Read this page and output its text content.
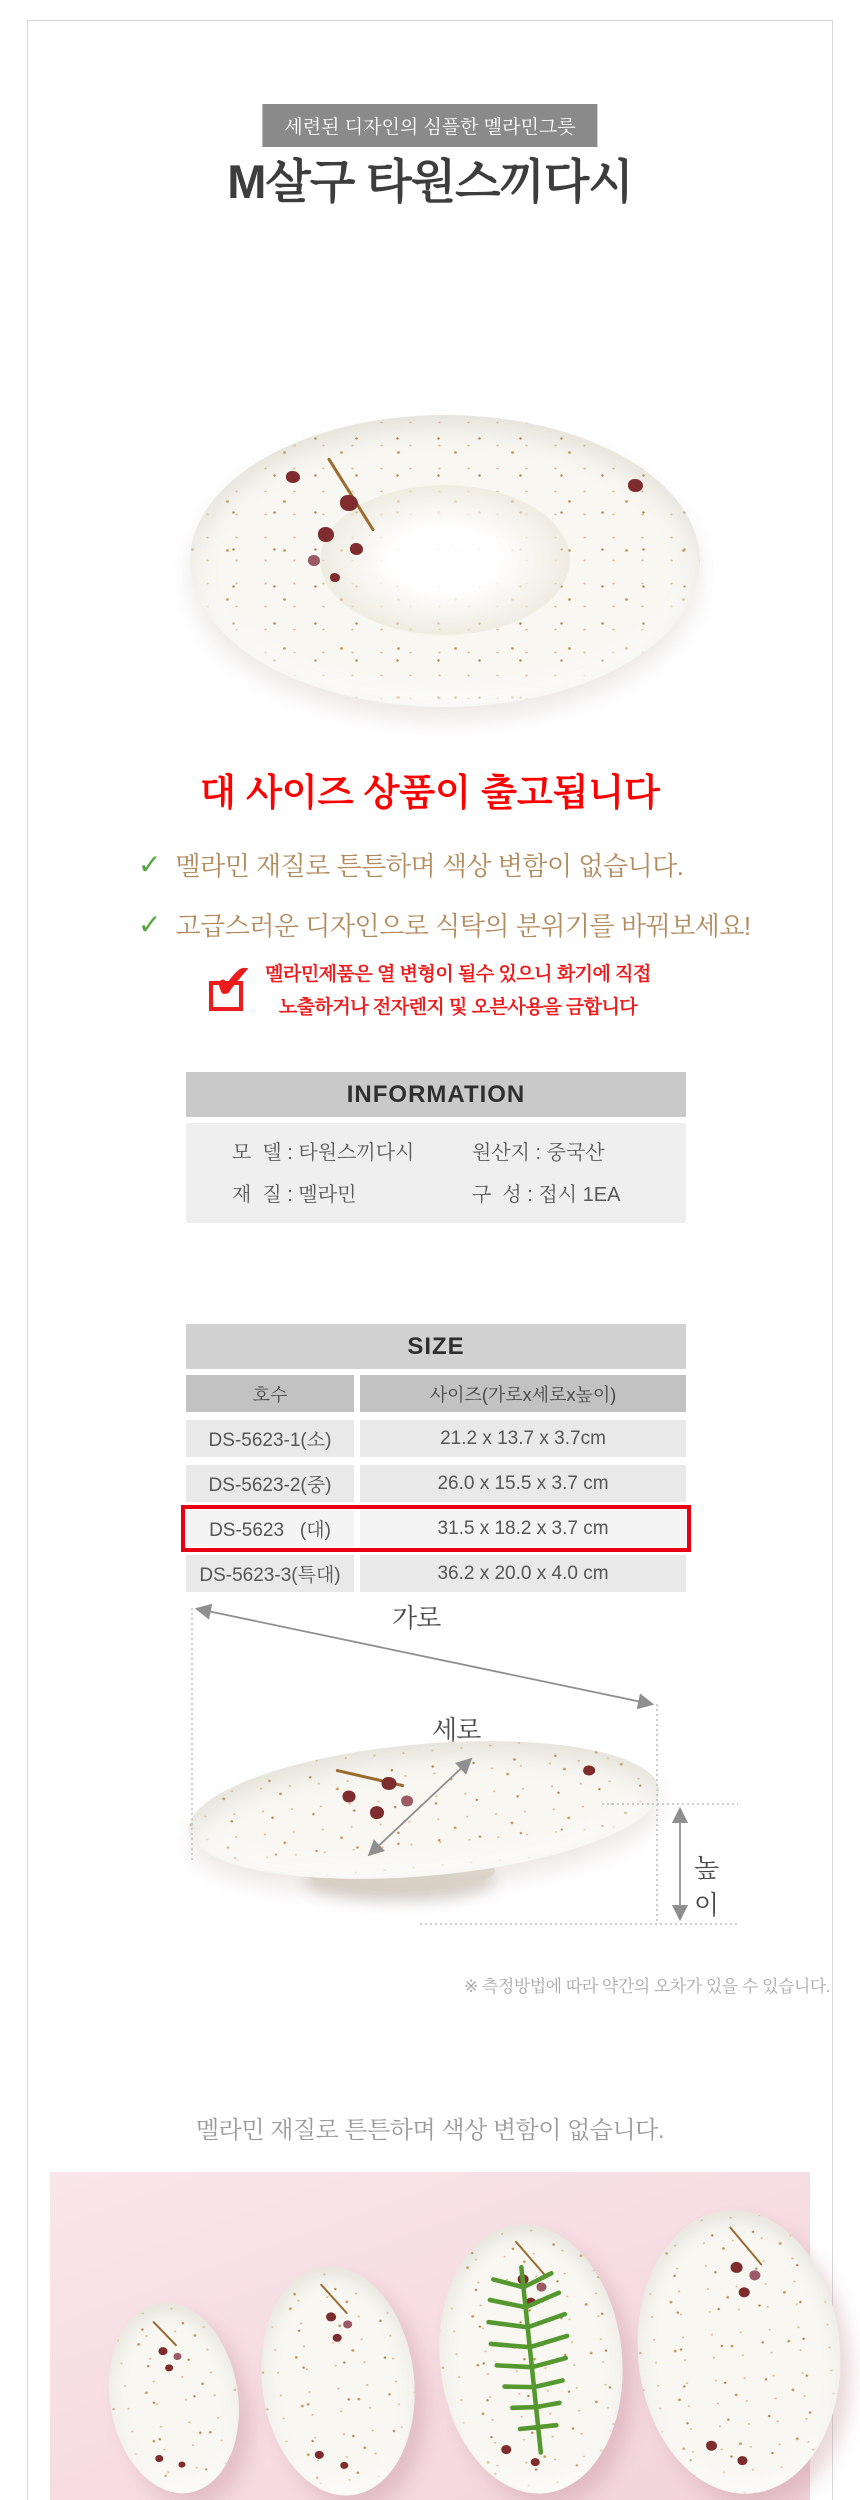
세련된 디자인의 심플한 멜라민그릇
M살구 타원스끼다시
대 사이즈 상품이 출고됩니다
✓ 멜라민 재질로 튼튼하며 색상 변함이 없습니다.
✓ 고급스러운 디자인으로 식탁의 분위기를 바꿔보세요!
✔ 멜라민제품은 열 변형이 될수 있으니 화기에 직접
노출하거나 전자렌지 및 오븐사용을 금합니다
INFORMATION
모  델 : 타원스끼다시	원산지 : 중국산
재  질 : 멜라민	구  성 : 접시 1EA
SIZE
호수	사이즈(가로x세로x높이)
DS-5623-1(소)	21.2 x 13.7 x 3.7cm
DS-5623-2(중)	26.0 x 15.5 x 3.7 cm
DS-5623   (대)	31.5 x 18.2 x 3.7 cm
DS-5623-3(특대)	36.2 x 20.0 x 4.0 cm
가로
세로
높이
※ 측정방법에 따라 약간의 오차가 있을 수 있습니다.
멜라민 재질로 튼튼하며 색상 변함이 없습니다.
